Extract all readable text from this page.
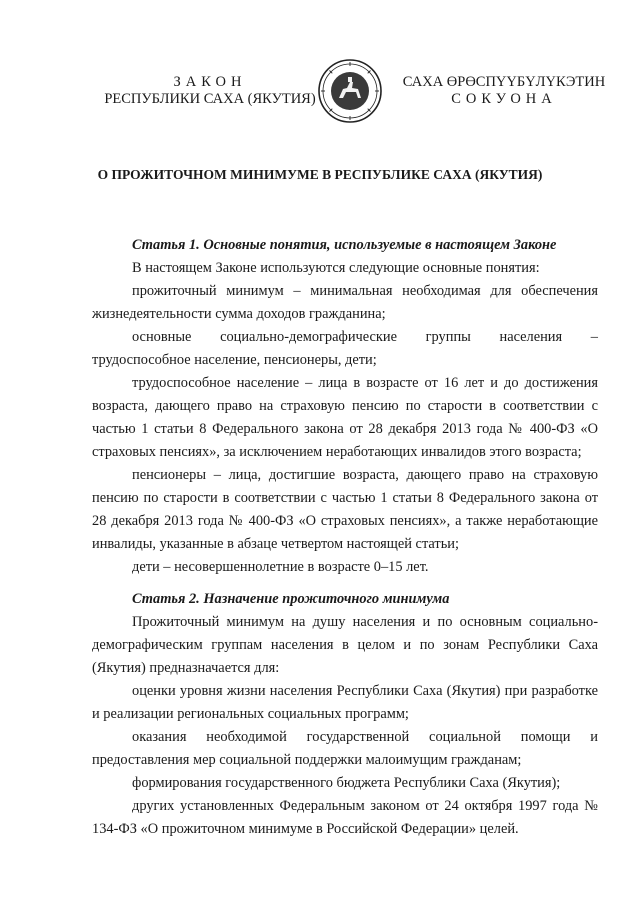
ЗАКОН
РЕСПУБЛИКИ САХА (ЯКУТИЯ)
САХА ӨРӨСПҮҮБҮЛҮКЭТИН
СОКУОНА
О ПРОЖИТОЧНОМ МИНИМУМЕ В РЕСПУБЛИКЕ САХА (ЯКУТИЯ)

Статья 1. Основные понятия, используемые в настоящем Законе

В настоящем Законе используются следующие основные понятия:

прожиточный минимум – минимальная необходимая для обеспечения жизнедеятельности сумма доходов гражданина;

основные социально-демографические группы населения – трудоспособное население, пенсионеры, дети;

трудоспособное население – лица в возрасте от 16 лет и до достижения возраста, дающего право на страховую пенсию по старости в соответствии с частью 1 статьи 8 Федерального закона от 28 декабря 2013 года № 400-ФЗ «О страховых пенсиях», за исключением неработающих инвалидов этого возраста;

пенсионеры – лица, достигшие возраста, дающего право на страховую пенсию по старости в соответствии с частью 1 статьи 8 Федерального закона от 28 декабря 2013 года № 400-ФЗ «О страховых пенсиях», а также неработающие инвалиды, указанные в абзаце четвертом настоящей статьи;

дети – несовершеннолетние в возрасте 0–15 лет.

Статья 2. Назначение прожиточного минимума

Прожиточный минимум на душу населения и по основным социально-демографическим группам населения в целом и по зонам Республики Саха (Якутия) предназначается для:

оценки уровня жизни населения Республики Саха (Якутия) при разработке и реализации региональных социальных программ;

оказания необходимой государственной социальной помощи и предоставления мер социальной поддержки малоимущим гражданам;

формирования государственного бюджета Республики Саха (Якутия);

других установленных Федеральным законом от 24 октября 1997 года № 134-ФЗ «О прожиточном минимуме в Российской Федерации» целей.
